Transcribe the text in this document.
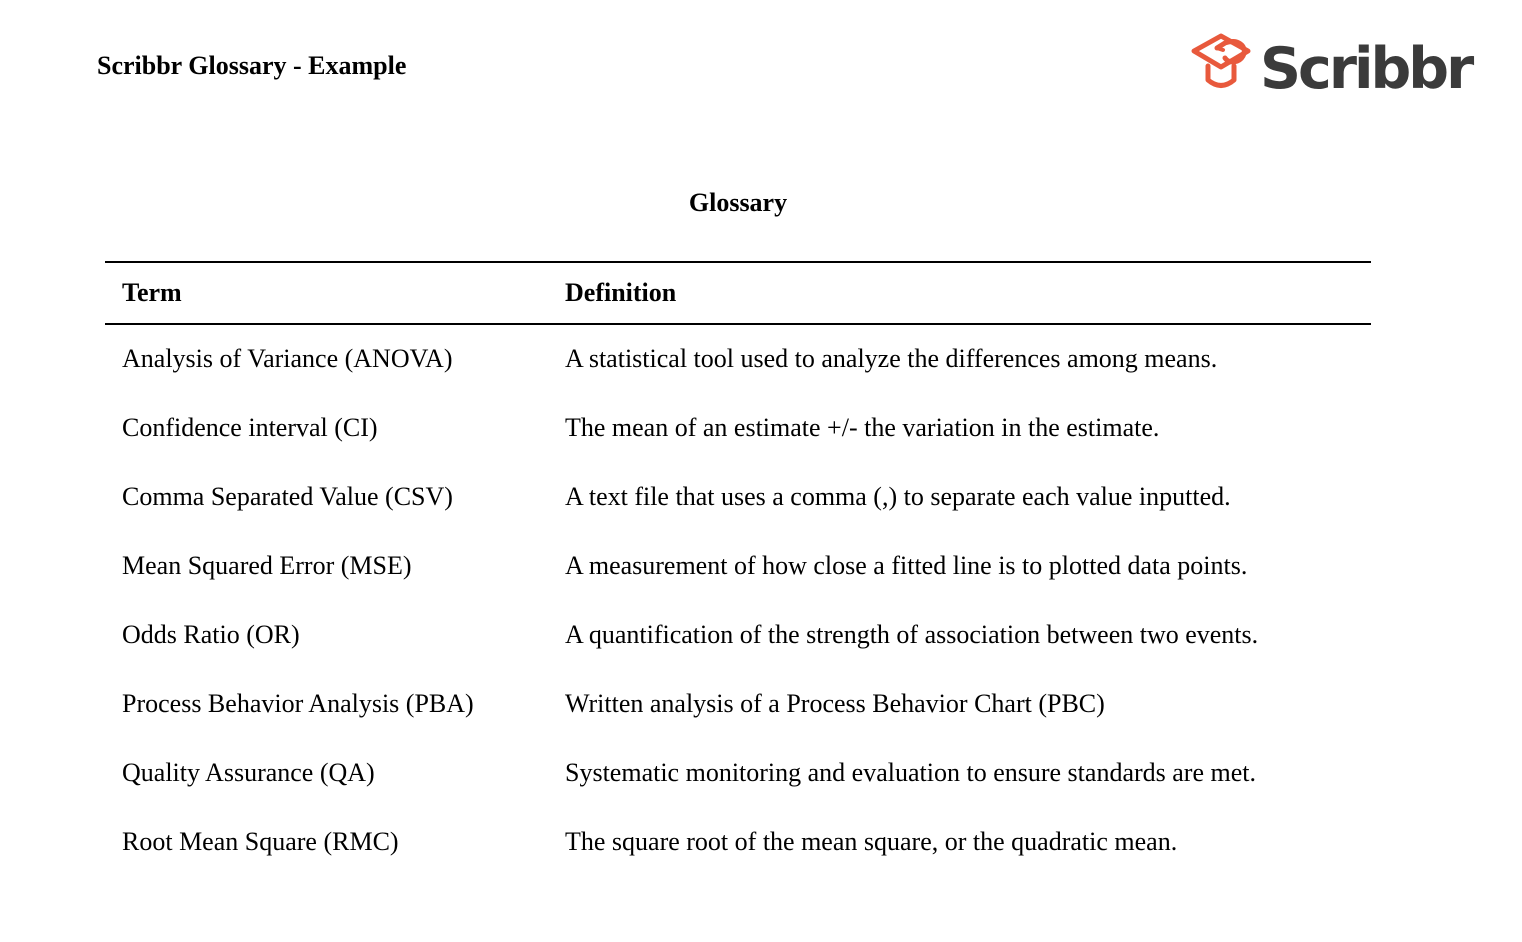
Scribbr Glossary - Example	Scribbr
Glossary
Term	Definition
Analysis of Variance (ANOVA)	A statistical tool used to analyze the differences among means.
Confidence interval (CI)	The mean of an estimate +/- the variation in the estimate.
Comma Separated Value (CSV)	A text file that uses a comma (,) to separate each value inputted.
Mean Squared Error (MSE)	A measurement of how close a fitted line is to plotted data points.
Odds Ratio (OR)	A quantification of the strength of association between two events.
Process Behavior Analysis (PBA)	Written analysis of a Process Behavior Chart (PBC)
Quality Assurance (QA)	Systematic monitoring and evaluation to ensure standards are met.
Root Mean Square (RMC)	The square root of the mean square, or the quadratic mean.
